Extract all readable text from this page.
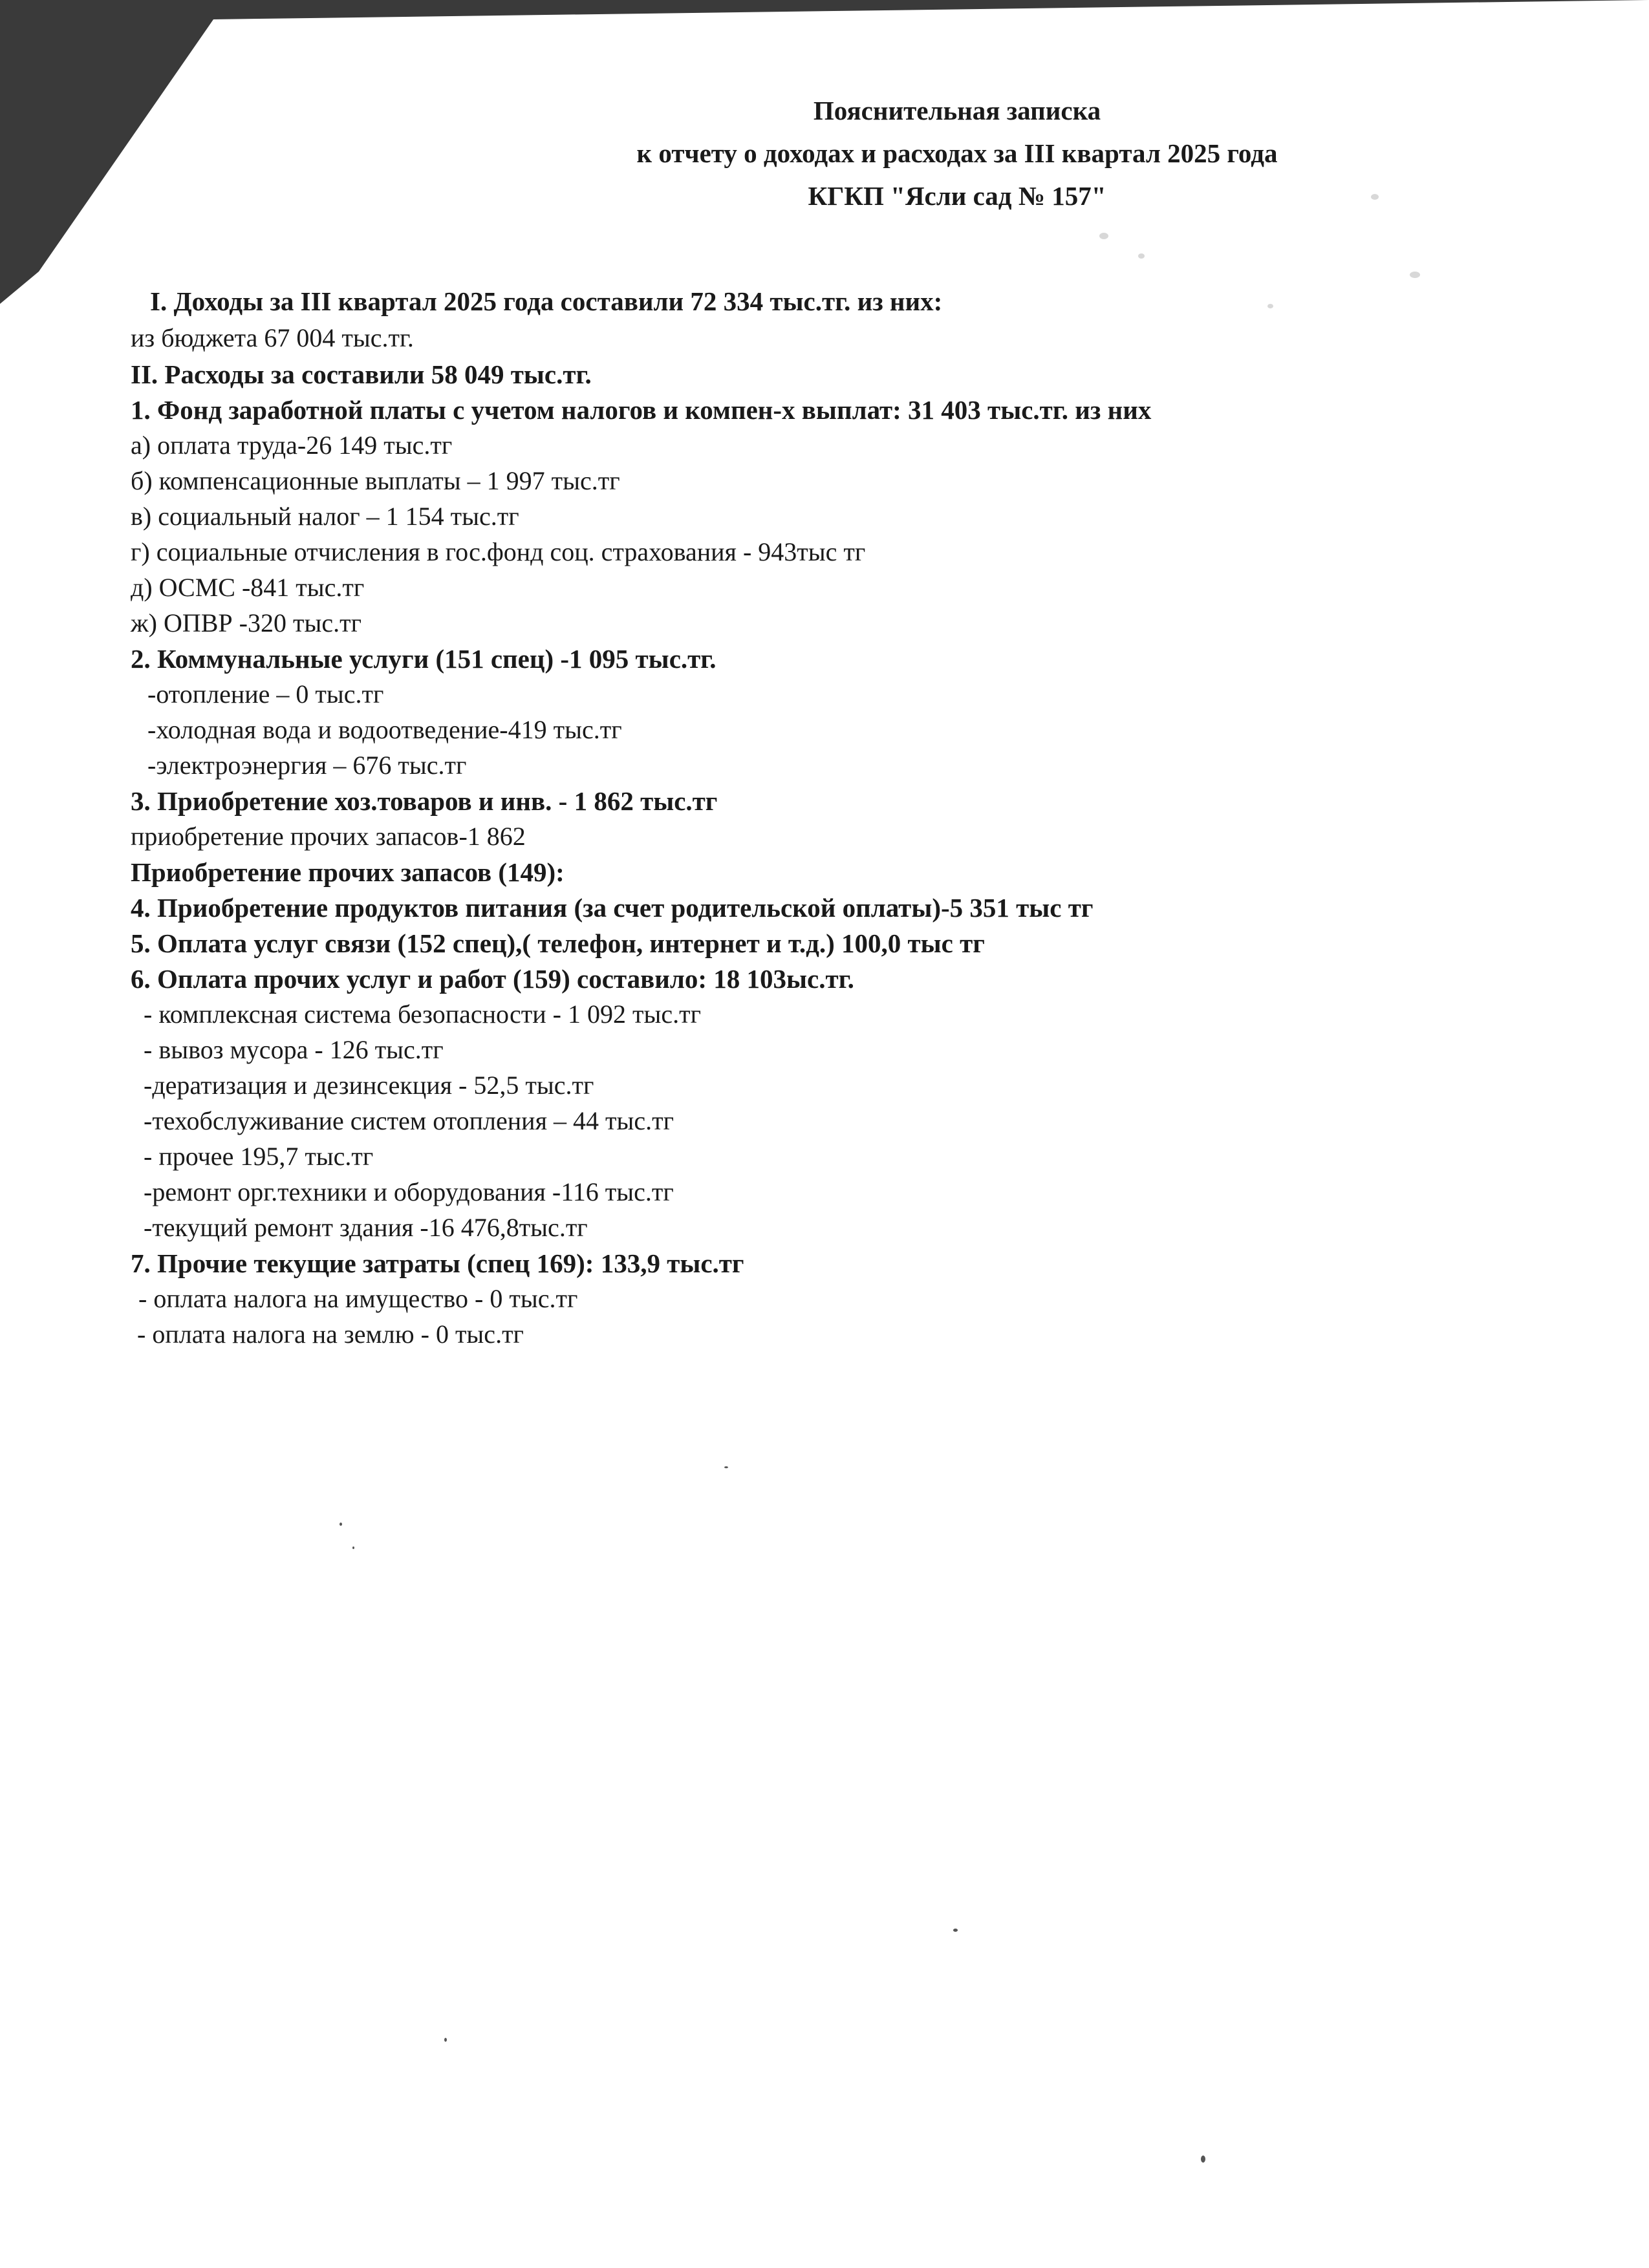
Пояснительная записка
к отчету о доходах и расходах за III квартал 2025 года
КГКП "Ясли сад № 157"
I. Доходы за III квартал 2025 года составили 72 334 тыс.тг. из них:
из бюджета 67 004 тыс.тг.
II. Расходы за составили 58 049 тыс.тг.
1. Фонд заработной платы с учетом налогов и компен-х выплат: 31 403 тыс.тг. из них
а) оплата труда-26 149 тыс.тг
б) компенсационные выплаты – 1 997 тыс.тг
в) социальный налог – 1 154 тыс.тг
г) социальные отчисления в гос.фонд соц. страхования - 943тыс тг
д) ОСМС -841 тыс.тг
ж) ОПВР -320 тыс.тг
2. Коммунальные услуги (151 спец) -1 095 тыс.тг.
-отопление – 0 тыс.тг
-холодная вода и водоотведение-419 тыс.тг
-электроэнергия – 676 тыс.тг
3. Приобретение хоз.товаров и инв. - 1 862 тыс.тг
приобретение прочих запасов-1 862
Приобретение прочих запасов (149):
4. Приобретение продуктов питания (за счет родительской оплаты)-5 351 тыс тг
5. Оплата услуг связи (152 спец),( телефон, интернет и т.д.) 100,0 тыс тг
6. Оплата прочих услуг и работ (159) составило: 18 103ыс.тг.
- комплексная система безопасности - 1 092 тыс.тг
- вывоз мусора - 126 тыс.тг
-дератизация и дезинсекция - 52,5 тыс.тг
-техобслуживание систем отопления – 44 тыс.тг
- прочее 195,7 тыс.тг
-ремонт орг.техники и оборудования -116 тыс.тг
-текущий ремонт здания -16 476,8тыс.тг
7. Прочие текущие затраты (спец 169): 133,9 тыс.тг
- оплата налога на имущество - 0 тыс.тг
- оплата налога на землю - 0 тыс.тг
